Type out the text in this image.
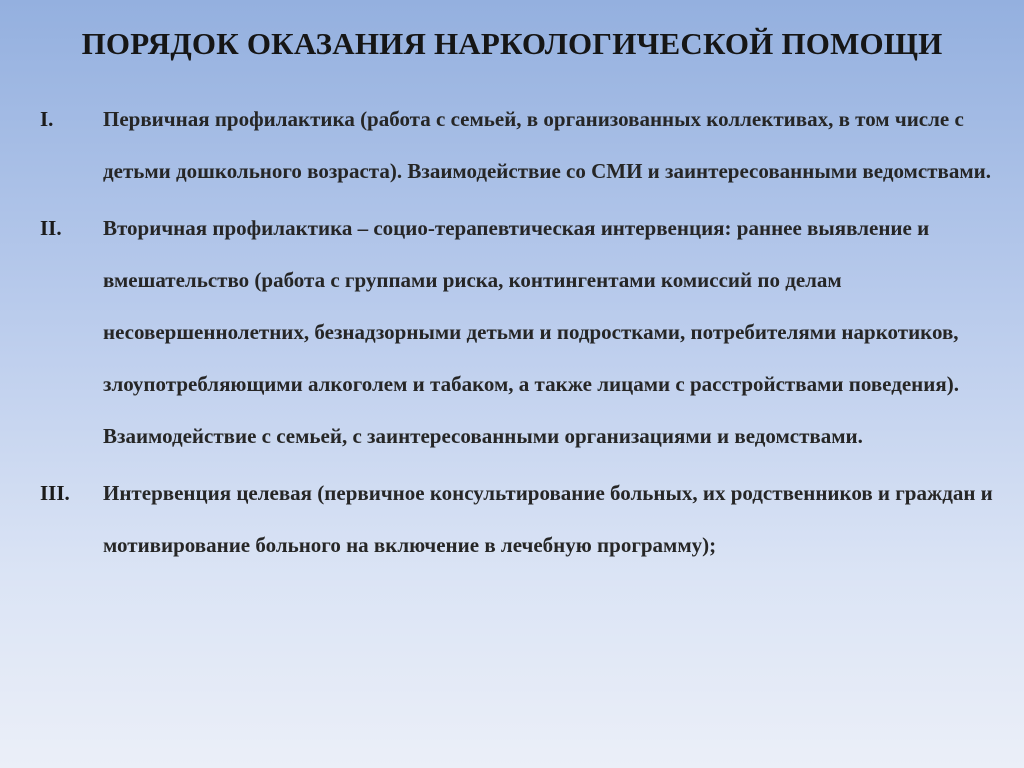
ПОРЯДОК ОКАЗАНИЯ НАРКОЛОГИЧЕСКОЙ ПОМОЩИ
I.	Первичная профилактика (работа с семьей, в организованных коллективах, в том числе с детьми дошкольного возраста). Взаимодействие со СМИ и заинтересованными ведомствами.
II.	Вторичная профилактика – социо-терапевтическая интервенция: раннее выявление и вмешательство (работа с группами риска, контингентами комиссий по делам несовершеннолетних, безнадзорными детьми и подростками, потребителями наркотиков, злоупотребляющими алкоголем и табаком, а также лицами с расстройствами поведения). Взаимодействие с семьей, с заинтересованными организациями и ведомствами.
III.	Интервенция целевая (первичное консультирование больных, их родственников и граждан и мотивирование больного на включение в лечебную программу);
